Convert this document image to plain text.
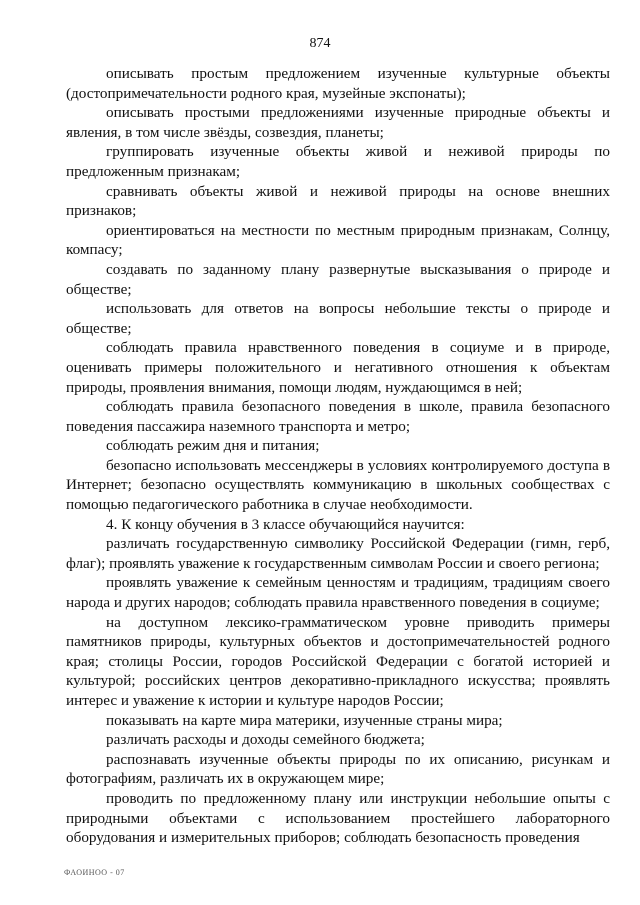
874

описывать простым предложением изученные культурные объекты (достопримечательности родного края, музейные экспонаты);

описывать простыми предложениями изученные природные объекты и явления, в том числе звёзды, созвездия, планеты;

группировать изученные объекты живой и неживой природы по предложенным признакам;

сравнивать объекты живой и неживой природы на основе внешних признаков;

ориентироваться на местности по местным природным признакам, Солнцу, компасу;

создавать по заданному плану развернутые высказывания о природе и обществе;

использовать для ответов на вопросы небольшие тексты о природе и обществе;

соблюдать правила нравственного поведения в социуме и в природе, оценивать примеры положительного и негативного отношения к объектам природы, проявления внимания, помощи людям, нуждающимся в ней;

соблюдать правила безопасного поведения в школе, правила безопасного поведения пассажира наземного транспорта и метро;

соблюдать режим дня и питания;

безопасно использовать мессенджеры в условиях контролируемого доступа в Интернет; безопасно осуществлять коммуникацию в школьных сообществах с помощью педагогического работника в случае необходимости.

4. К концу обучения в 3 классе обучающийся научится:

различать государственную символику Российской Федерации (гимн, герб, флаг); проявлять уважение к государственным символам России и своего региона;

проявлять уважение к семейным ценностям и традициям, традициям своего народа и других народов; соблюдать правила нравственного поведения в социуме;

на доступном лексико-грамматическом уровне приводить примеры памятников природы, культурных объектов и достопримечательностей родного края; столицы России, городов Российской Федерации с богатой историей и культурой; российских центров декоративно-прикладного искусства; проявлять интерес и уважение к истории и культуре народов России;

показывать на карте мира материки, изученные страны мира;

различать расходы и доходы семейного бюджета;

распознавать изученные объекты природы по их описанию, рисункам и фотографиям, различать их в окружающем мире;

проводить по предложенному плану или инструкции небольшие опыты с природными объектами с использованием простейшего лабораторного оборудования и измерительных приборов; соблюдать безопасность проведения

ФАОИНОО - 07
